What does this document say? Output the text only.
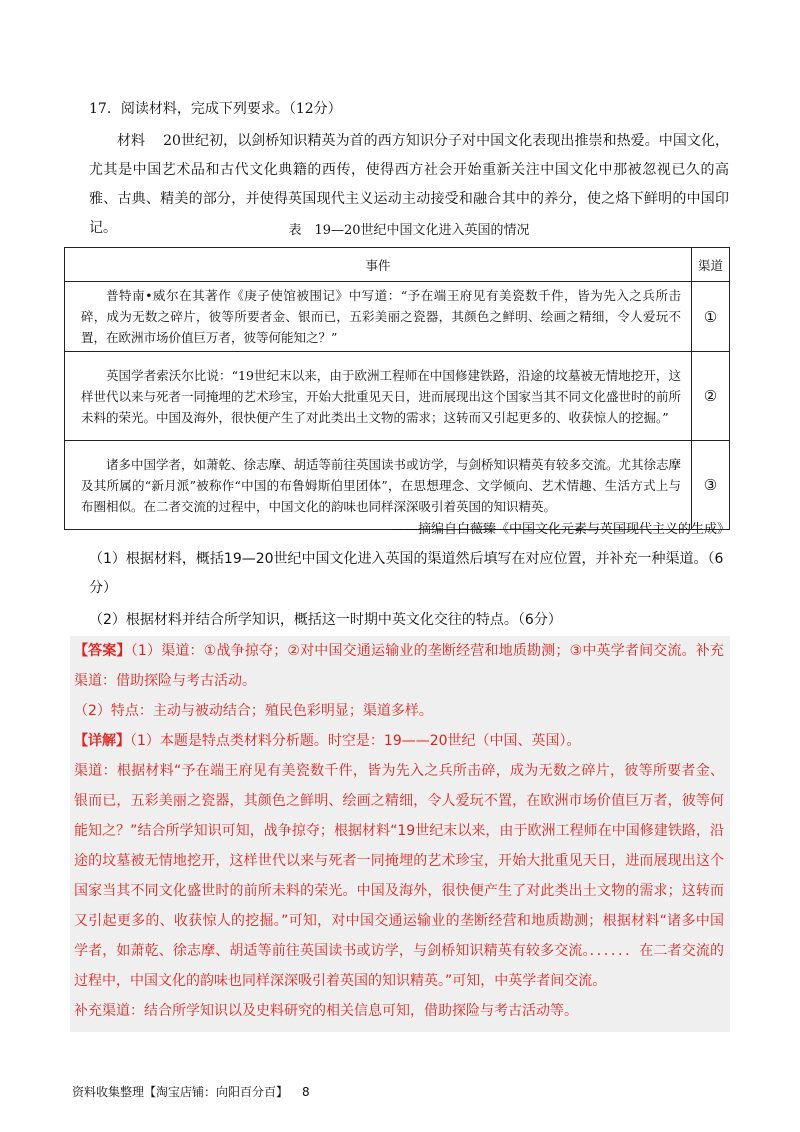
17．阅读材料，完成下列要求。（12分）

材料 20世纪初，以剑桥知识精英为首的西方知识分子对中国文化表现出推崇和热爱。中国文化，尤其是中国艺术品和古代文化典籍的西传，使得西方社会开始重新关注中国文化中那被忽视已久的高雅、古典、精美的部分，并使得英国现代主义运动主动接受和融合其中的养分，使之烙下鲜明的中国印记。	表　19—20世纪中国文化进入英国的情况
事件	渠道
普特南•威尔在其著作《庚子使馆被围记》中写道：“予在端王府见有美瓷数千件，皆为先入之兵所击碎，成为无数之碎片，彼等所要者金、银而已，五彩美丽之瓷器，其颜色之鲜明、绘画之精细，令人爱玩不置，在欧洲市场价值巨万者，彼等何能知之？”	①
英国学者索沃尔比说：“19世纪末以来，由于欧洲工程师在中国修建铁路，沿途的坟墓被无情地挖开，这样世代以来与死者一同掩埋的艺术珍宝，开始大批重见天日，进而展现出这个国家当其不同文化盛世时的前所未料的荣光。中国及海外，很快便产生了对此类出土文物的需求；这转而又引起更多的、收获惊人的挖掘。”	②
诸多中国学者，如萧乾、徐志摩、胡适等前往英国读书或访学，与剑桥知识精英有较多交流。尤其徐志摩及其所属的“新月派”被称作“中国的布鲁姆斯伯里团体”，在思想理念、文学倾向、艺术情趣、生活方式上与布圈相似。在二者交流的过程中，中国文化的韵味也同样深深吸引着英国的知识精英。	③
——摘编自白薇臻《中国文化元素与英国现代主义的生成》
（1）根据材料，概括19—20世纪中国文化进入英国的渠道然后填写在对应位置，并补充一种渠道。（6分）
（2）根据材料并结合所学知识，概括这一时期中英文化交往的特点。（6分）

【答案】（1）渠道：①战争掠夺；②对中国交通运输业的垄断经营和地质勘测；③中英学者间交流。补充渠道：借助探险与考古活动。

（2）特点：主动与被动结合；殖民色彩明显；渠道多样。

【详解】（1）本题是特点类材料分析题。时空是：19——20世纪（中国、英国）。

渠道：根据材料“予在端王府见有美瓷数千件，皆为先入之兵所击碎，成为无数之碎片，彼等所要者金、银而已，五彩美丽之瓷器，其颜色之鲜明、绘画之精细，令人爱玩不置，在欧洲市场价值巨万者，彼等何能知之？”结合所学知识可知，战争掠夺；根据材料“19世纪末以来，由于欧洲工程师在中国修建铁路，沿途的坟墓被无情地挖开，这样世代以来与死者一同掩埋的艺术珍宝，开始大批重见天日，进而展现出这个国家当其不同文化盛世时的前所未料的荣光。中国及海外，很快便产生了对此类出土文物的需求；这转而又引起更多的、收获惊人的挖掘。”可知，对中国交通运输业的垄断经营和地质勘测；根据材料“诸多中国学者，如萧乾、徐志摩、胡适等前往英国读书或访学，与剑桥知识精英有较多交流。．．．．．．在二者交流的过程中，中国文化的韵味也同样深深吸引着英国的知识精英。”可知，中英学者间交流。

补充渠道：结合所学知识以及史料研究的相关信息可知，借助探险与考古活动等。

资料收集整理【淘宝店铺：向阳百分百】 8
